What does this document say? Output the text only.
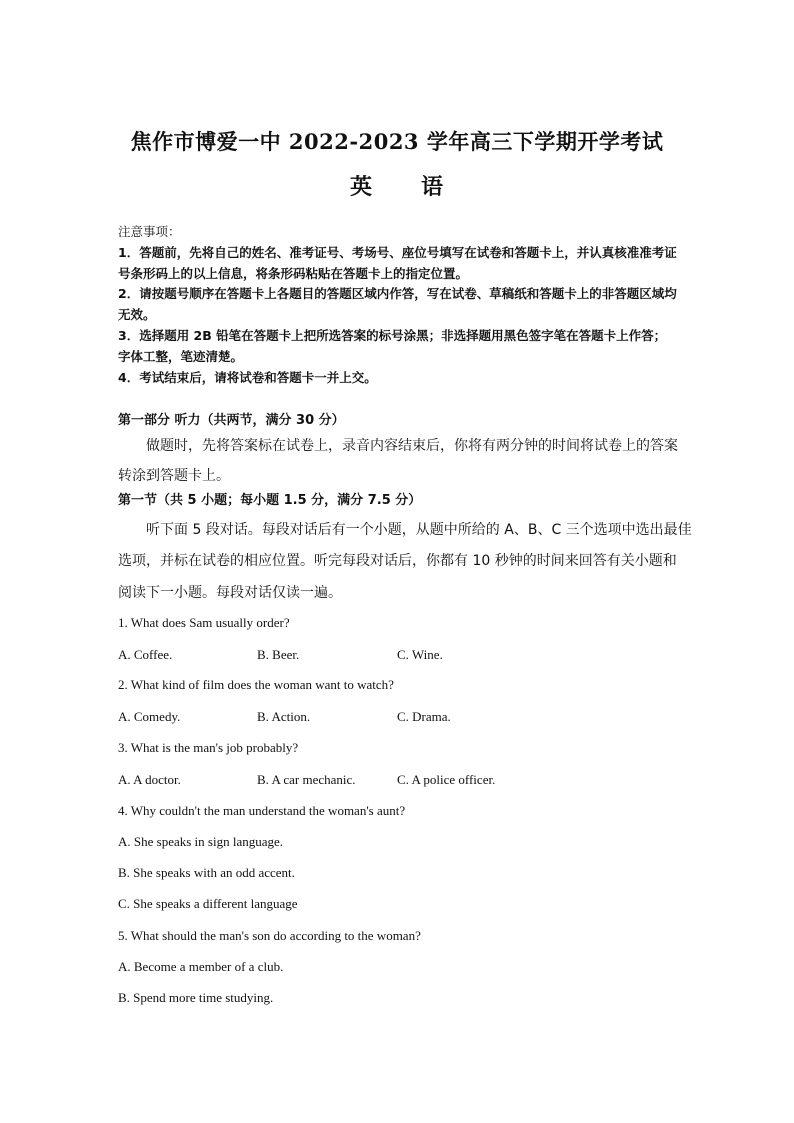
焦作市博爱一中 2022-2023 学年高三下学期开学考试
英 语
注意事项：
1．答题前，先将自己的姓名、准考证号、考场号、座位号填写在试卷和答题卡上，并认真核准准考证号条形码上的以上信息，将条形码粘贴在答题卡上的指定位置。
2．请按题号顺序在答题卡上各题目的答题区域内作答，写在试卷、草稿纸和答题卡上的非答题区域均无效。
3．选择题用 2B 铅笔在答题卡上把所选答案的标号涂黑；非选择题用黑色签字笔在答题卡上作答；字体工整，笔迹清楚。
4．考试结束后，请将试卷和答题卡一并上交。
第一部分 听力（共两节，满分 30 分）
做题时，先将答案标在试卷上，录音内容结束后，你将有两分钟的时间将试卷上的答案
转涂到答题卡上。
第一节（共 5 小题；每小题 1.5 分，满分 7.5 分）
听下面 5 段对话。每段对话后有一个小题，从题中所给的 A、B、C 三个选项中选出最佳
选项，并标在试卷的相应位置。听完每段对话后，你都有 10 秒钟的时间来回答有关小题和
阅读下一小题。每段对话仅读一遍。
1. What does Sam usually order?
A. Coffee.	B. Beer.	C. Wine.
2. What kind of film does the woman want to watch?
A. Comedy.	B. Action.	C. Drama.
3. What is the man's job probably?
A. A doctor.	B. A car mechanic.	C. A police officer.
4. Why couldn't the man understand the woman's aunt?
A. She speaks in sign language.
B. She speaks with an odd accent.
C. She speaks a different language
5. What should the man's son do according to the woman?
A. Become a member of a club.
B. Spend more time studying.
